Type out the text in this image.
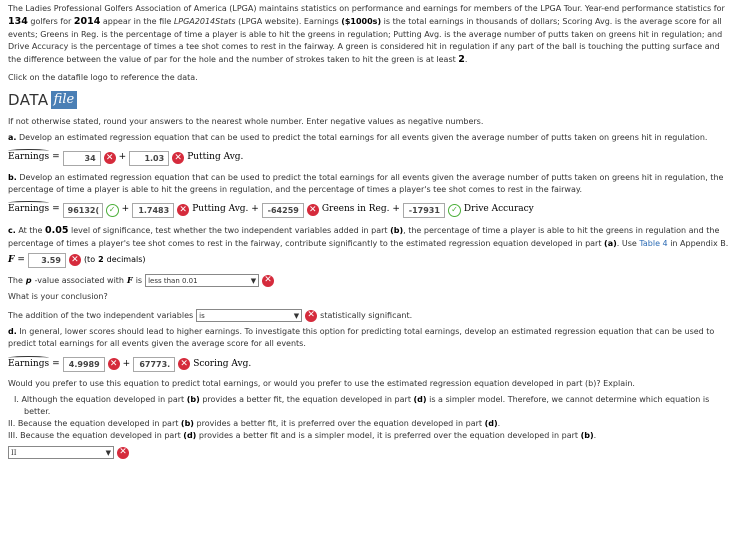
The Ladies Professional Golfers Association of America (LPGA) maintains statistics on performance and earnings for members of the LPGA Tour. Year-end performance statistics for 134 golfers for 2014 appear in the file LPGA2014Stats (LPGA website). Earnings ($1000s) is the total earnings in thousands of dollars; Scoring Avg. is the average score for all events; Greens in Reg. is the percentage of time a player is able to hit the greens in regulation; Putting Avg. is the average number of putts taken on greens hit in regulation; and Drive Accuracy is the percentage of times a tee shot comes to rest in the fairway. A green is considered hit in regulation if any part of the ball is touching the putting surface and the difference between the value of par for the hole and the number of strokes taken to hit the green is at least 2.

Click on the datafile logo to reference the data.

DATA file

If not otherwise stated, round your answers to the nearest whole number. Enter negative values as negative numbers.

a. Develop an estimated regression equation that can be used to predict the total earnings for all events given the average number of putts taken on greens hit in regulation.

Earnings =	34	✕ +	1.03	✕ Putting Avg.

b. Develop an estimated regression equation that can be used to predict the total earnings for all events given the average number of putts taken on greens hit in regulation, the percentage of time a player is able to hit the greens in regulation, and the percentage of times a player's tee shot comes to rest in the fairway.

Earnings =	96132(	✓ +	1.7483	✕ Putting Avg. +	-64259	✕ Greens in Reg. +	-17931	✓ Drive Accuracy

c. At the 0.05 level of significance, test whether the two independent variables added in part (b), the percentage of time a player is able to hit the greens in regulation and the percentage of times a player's tee shot comes to rest in the fairway, contribute significantly to the estimated regression equation developed in part (a). Use Table 4 in Appendix B.

F =	3.59	✕ (to 2 decimals)
The p -value associated with F is less than 0.01	▼ ✕

What is your conclusion?

The addition of the two independent variables is	▼ ✕ statistically significant.

d. In general, lower scores should lead to higher earnings. To investigate this option for predicting total earnings, develop an estimated regression equation that can be used to predict total earnings for all events given the average score for all events.

Earnings =	4.9989	✕ +	67773.	✕ Scoring Avg.

Would you prefer to use this equation to predict total earnings, or would you prefer to use the estimated regression equation developed in part (b)? Explain.

I. Although the equation developed in part (b) provides a better fit, the equation developed in part (d) is a simpler model. Therefore, we cannot determine which equation is better.

II. Because the equation developed in part (b) provides a better fit, it is preferred over the equation developed in part (d).

III. Because the equation developed in part (d) provides a better fit and is a simpler model, it is preferred over the equation developed in part (b).

II	▼ ✕
